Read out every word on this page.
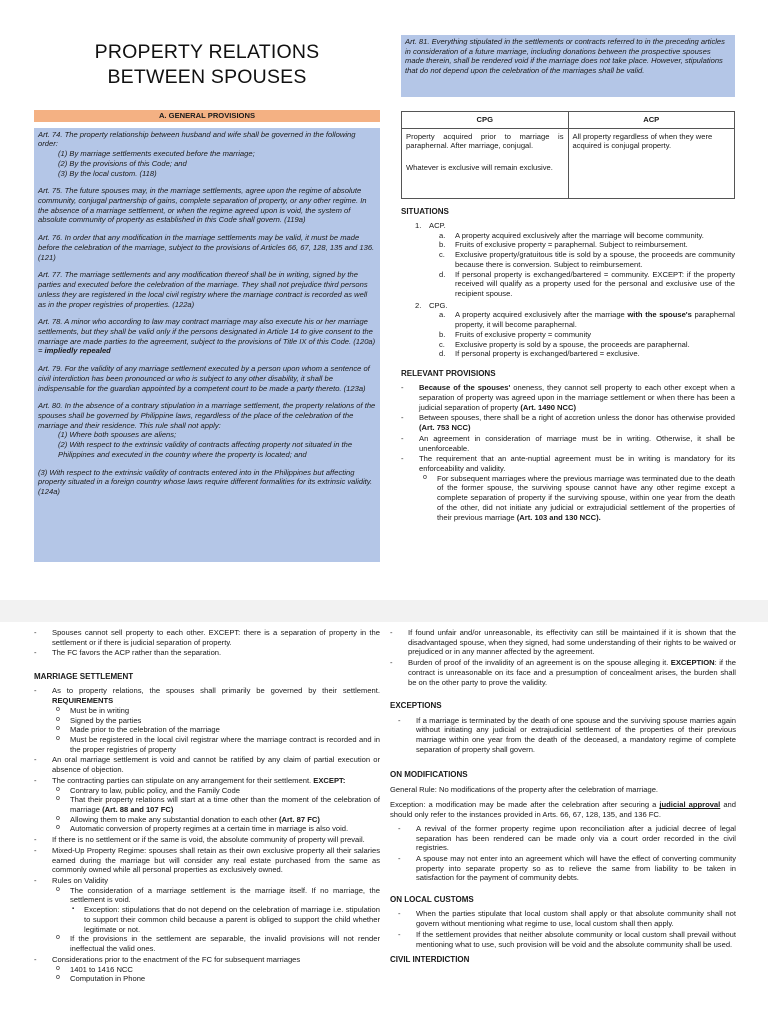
PROPERTY RELATIONS
BETWEEN SPOUSES
A. GENERAL PROVISIONS
Art. 74. The property relationship between husband and wife shall be governed in the following order:
(1) By marriage settlements executed before the marriage;
(2) By the provisions of this Code; and
(3) By the local custom. (118)
Art. 75. The future spouses may, in the marriage settlements, agree upon the regime of absolute community, conjugal partnership of gains, complete separation of property, or any other regime. In the absence of a marriage settlement, or when the regime agreed upon is void, the system of absolute community of property as established in this Code shall govern. (119a)
Art. 76. In order that any modification in the marriage settlements may be valid, it must be made before the celebration of the marriage, subject to the provisions of Articles 66, 67, 128, 135 and 136. (121)
Art. 77. The marriage settlements and any modification thereof shall be in writing, signed by the parties and executed before the celebration of the marriage. They shall not prejudice third persons unless they are registered in the local civil registry where the marriage contract is recorded as well as in the proper registries of properties. (122a)
Art. 78. A minor who according to law may contract marriage may also execute his or her marriage settlements, but they shall be valid only if the persons designated in Article 14 to give consent to the marriage are made parties to the agreement, subject to the provisions of Title IX of this Code. (120a) = impliedly repealed
Art. 79. For the validity of any marriage settlement executed by a person upon whom a sentence of civil interdiction has been pronounced or who is subject to any other disability, it shall be indispensable for the guardian appointed by a competent court to be made a party thereto. (123a)
Art. 80. In the absence of a contrary stipulation in a marriage settlement, the property relations of the spouses shall be governed by Philippine laws, regardless of the place of the celebration of the marriage and their residence. This rule shall not apply:
(1) Where both spouses are aliens;
(2) With respect to the extrinsic validity of contracts affecting property not situated in the Philippines and executed in the country where the property is located; and
(3) With respect to the extrinsic validity of contracts entered into in the Philippines but affecting property situated in a foreign country whose laws require different formalities for its extrinsic validity. (124a)
Art. 81. Everything stipulated in the settlements or contracts referred to in the preceding articles in consideration of a future marriage, including donations between the prospective spouses made therein, shall be rendered void if the marriage does not take place. However, stipulations that do not depend upon the celebration of the marriages shall be valid.
CPG	ACP

Property acquired prior to marriage is paraphernal. After marriage, conjugal.
Whatever is exclusive will remain exclusive.	All property regardless of when they were acquired is conjugal property.
SITUATIONS
1. ACP.
a. A property acquired exclusively after the marriage will become community.
b. Fruits of exclusive property = paraphernal. Subject to reimbursement.
c. Exclusive property/gratuitous title is sold by a spouse, the proceeds are community because there is conversion. Subject to reimbursement.
d. If personal property is exchanged/bartered = community. EXCEPT: if the property received will qualify as a property used for the personal and exclusive use of the recipient spouse.
2. CPG.
a. A property acquired exclusively after the marriage with the spouse's paraphernal property, it will become paraphernal.
b. Fruits of exclusive property = community
c. Exclusive property is sold by a spouse, the proceeds are paraphernal.
d. If personal property is exchanged/bartered = exclusive.
RELEVANT PROVISIONS
- Because of the spouses' oneness, they cannot sell property to each other except when a separation of property was agreed upon in the marriage settlement or when there has been a judicial separation of property (Art. 1490 NCC)
- Between spouses, there shall be a right of accretion unless the donor has otherwise provided (Art. 753 NCC)
- An agreement in consideration of marriage must be in writing. Otherwise, it shall be unenforceable.
- The requirement that an ante-nuptial agreement must be in writing is mandatory for its enforceability and validity.
o For subsequent marriages where the previous marriage was terminated due to the death of the former spouse, the surviving spouse cannot have any other regime except a complete separation of property if the surviving spouse, within one year from the death of the other, did not initiate any judicial or extrajudicial settlement of the properties of their previous marriage (Art. 103 and 130 NCC).
- Spouses cannot sell property to each other. EXCEPT: there is a separation of property in the settlement or if there is judicial separation of property.
- The FC favors the ACP rather than the separation.
MARRIAGE SETTLEMENT
- As to property relations, the spouses shall primarily be governed by their settlement. REQUIREMENTS
o Must be in writing
o Signed by the parties
o Made prior to the celebration of the marriage
o Must be registered in the local civil registrar where the marriage contract is recorded and in the proper registries of property
- An oral marriage settlement is void and cannot be ratified by any claim of partial execution or absence of objection.
- The contracting parties can stipulate on any arrangement for their settlement. EXCEPT:
o Contrary to law, public policy, and the Family Code
o That their property relations will start at a time other than the moment of the celebration of marriage (Art. 88 and 107 FC)
o Allowing them to make any substantial donation to each other (Art. 87 FC)
o Automatic conversion of property regimes at a certain time in marriage is also void.
- If there is no settlement or if the same is void, the absolute community of property will prevail.
- Mixed-Up Property Regime: spouses shall retain as their own exclusive property all their salaries earned during the marriage but will consider any real estate purchased from the same as commonly owned while all personal properties as exclusively owned.
- Rules on Validity
o The consideration of a marriage settlement is the marriage itself. If no marriage, the settlement is void.
▪ Exception: stipulations that do not depend on the celebration of marriage i.e. stipulation to support their common child because a parent is obliged to support the child whether legitimate or not.
o If the provisions in the settlement are separable, the invalid provisions will not render ineffectual the valid ones.
- Considerations prior to the enactment of the FC for subsequent marriages
o 1401 to 1416 NCC
o Computation in Phone
- If found unfair and/or unreasonable, its effectivity can still be maintained if it is shown that the disadvantaged spouse, when they signed, had some understanding of their rights to be waived or prejudiced or in any manner affected by the agreement.
- Burden of proof of the invalidity of an agreement is on the spouse alleging it. EXCEPTION: if the contract is unreasonable on its face and a presumption of concealment arises, the burden shall be on the other party to prove the validity.
EXCEPTIONS
- If a marriage is terminated by the death of one spouse and the surviving spouse marries again without initiating any judicial or extrajudicial settlement of the properties of their previous marriage within one year from the death of the deceased, a mandatory regime of complete separation of property shall govern.
ON MODIFICATIONS

General Rule: No modifications of the property after the celebration of marriage.

Exception: a modification may be made after the celebration after securing a judicial approval and should only refer to the instances provided in Arts. 66, 67, 128, 135, and 136 FC.

- A revival of the former property regime upon reconciliation after a judicial decree of legal separation has been rendered can be made only via a court order recorded in the civil registries.
- A spouse may not enter into an agreement which will have the effect of converting community property into separate property so as to relieve the same from liability to be taken in satisfaction for the payment of community debts.
ON LOCAL CUSTOMS
- When the parties stipulate that local custom shall apply or that absolute community shall not govern without mentioning what regime to use, local custom shall then apply.
- If the settlement provides that neither absolute community or local custom shall prevail without mentioning what to use, such provision will be void and the absolute community shall be used.
CIVIL INTERDICTION
